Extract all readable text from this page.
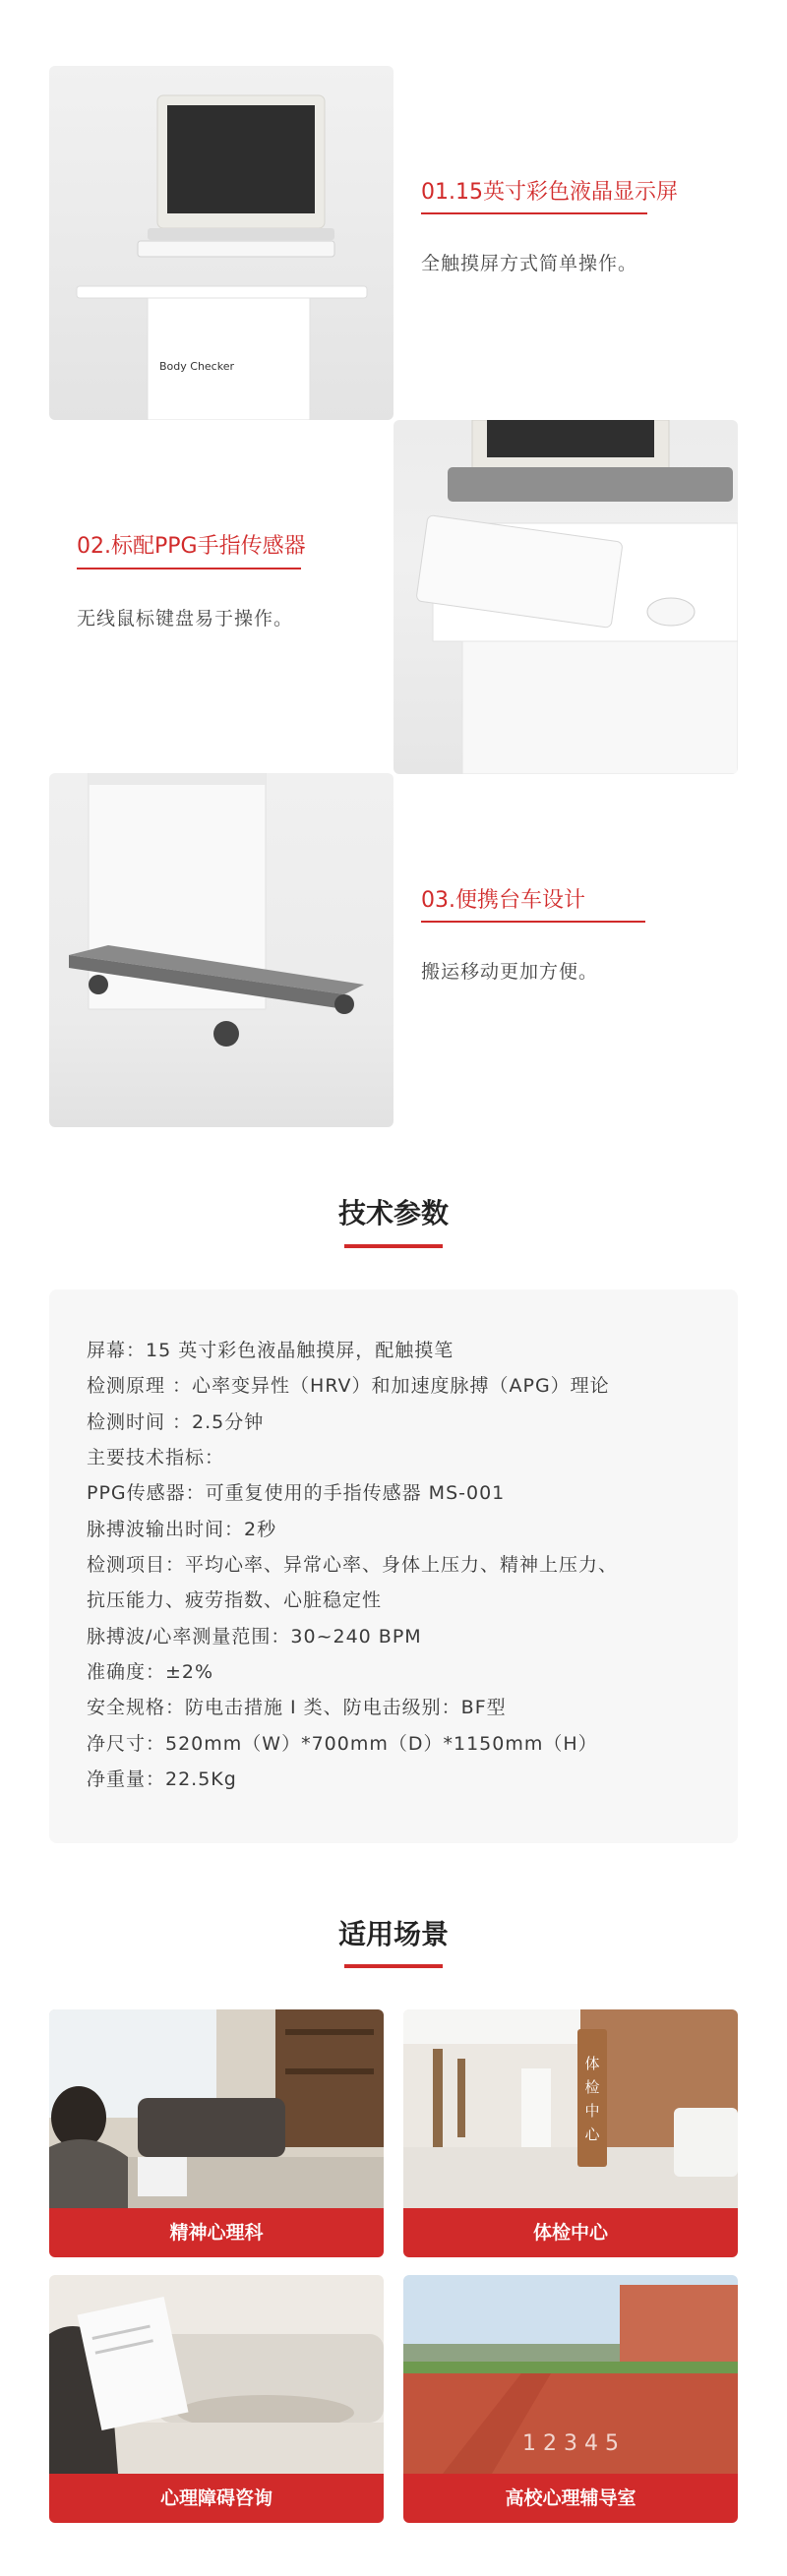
Body Checker
01.15英寸彩色液晶显示屏
全触摸屏方式简单操作。
02.标配PPG手指传感器
无线鼠标键盘易于操作。
03.便携台车设计
搬运移动更加方便。
技术参数
屏幕：15 英寸彩色液晶触摸屏，配触摸笔
检测原理 ：心率变异性（HRV）和加速度脉搏（APG）理论
检测时间 ：2.5分钟
主要技术指标：
PPG传感器：可重复使用的手指传感器 MS-001
脉搏波输出时间：2秒
检测项目：平均心率、异常心率、身体上压力、精神上压力、
抗压能力、疲劳指数、心脏稳定性
脉搏波/心率测量范围：30~240 BPM
准确度：±2%
安全规格：防电击措施 I 类、防电击级别：BF型
净尺寸：520mm（W）*700mm（D）*1150mm（H）
净重量：22.5Kg
适用场景
精神心理科
体
检
中
心
体检中心
心理障碍咨询
1 2 3 4 5
高校心理辅导室
